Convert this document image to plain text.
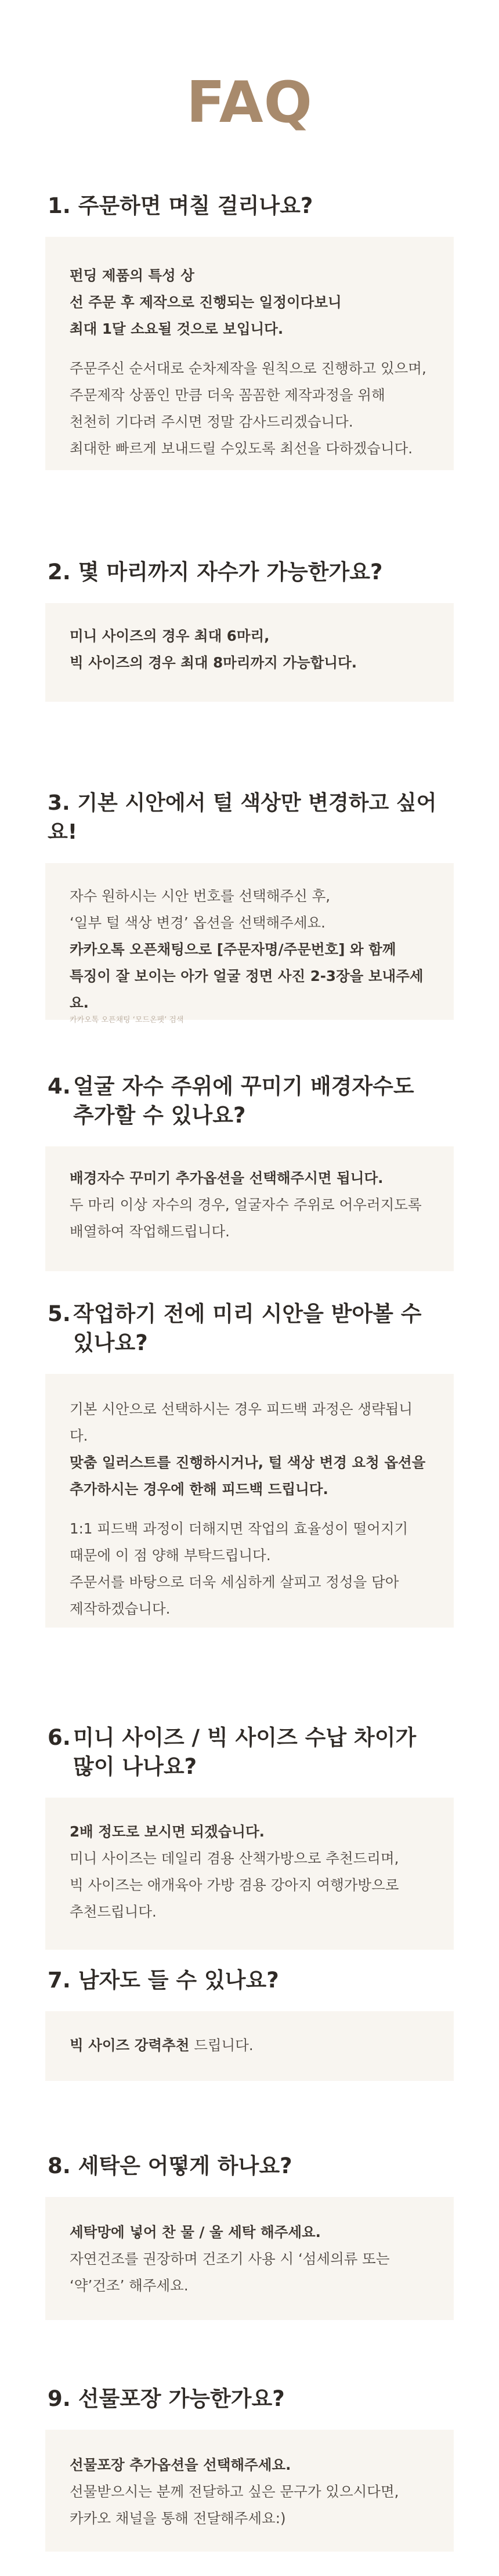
FAQ
1. 주문하면 며칠 걸리나요?

펀딩 제품의 특성 상
선 주문 후 제작으로 진행되는 일정이다보니
최대 1달 소요될 것으로 보입니다.

주문주신 순서대로 순차제작을 원칙으로 진행하고 있으며,
주문제작 상품인 만큼 더욱 꼼꼼한 제작과정을 위해
천천히 기다려 주시면 정말 감사드리겠습니다.
최대한 빠르게 보내드릴 수있도록 최선을 다하겠습니다.

2. 몇 마리까지 자수가 가능한가요?

미니 사이즈의 경우 최대 6마리,
빅 사이즈의 경우 최대 8마리까지 가능합니다.

3. 기본 시안에서 털 색상만 변경하고 싶어요!

자수 원하시는 시안 번호를 선택해주신 후,
‘일부 털 색상 변경’ 옵션을 선택해주세요.

카카오톡 오픈채팅으로 [주문자명/주문번호] 와 함께
특징이 잘 보이는 아가 얼굴 정면 사진 2-3장을 보내주세요.

카카오톡 오픈채팅 ‘모드온펫’ 검색

4. 얼굴 자수 주위에 꾸미기 배경자수도
추가할 수 있나요?

배경자수 꾸미기 추가옵션을 선택해주시면 됩니다.

두 마리 이상 자수의 경우, 얼굴자수 주위로 어우러지도록
배열하여 작업해드립니다.

5. 작업하기 전에 미리 시안을 받아볼 수
있나요?

기본 시안으로 선택하시는 경우 피드백 과정은 생략됩니다.

맞춤 일러스트를 진행하시거나, 털 색상 변경 요청 옵션을
추가하시는 경우에 한해 피드백 드립니다.

1:1 피드백 과정이 더해지면 작업의 효율성이 떨어지기
때문에 이 점 양해 부탁드립니다.
주문서를 바탕으로 더욱 세심하게 살피고 정성을 담아
제작하겠습니다.

6. 미니 사이즈 / 빅 사이즈 수납 차이가
많이 나나요?

2배 정도로 보시면 되겠습니다.

미니 사이즈는 데일리 겸용 산책가방으로 추천드리며,
빅 사이즈는 애개육아 가방 겸용 강아지 여행가방으로
추천드립니다.

7. 남자도 들 수 있나요?

빅 사이즈 강력추천 드립니다.

8. 세탁은 어떻게 하나요?

세탁망에 넣어 찬 물 / 울 세탁 해주세요.

자연건조를 권장하며 건조기 사용 시 ‘섬세의류 또는
‘약’건조’ 해주세요.

9. 선물포장 가능한가요?

선물포장 추가옵션을 선택해주세요.

선물받으시는 분께 전달하고 싶은 문구가 있으시다면,
카카오 채널을 통해 전달해주세요:)
